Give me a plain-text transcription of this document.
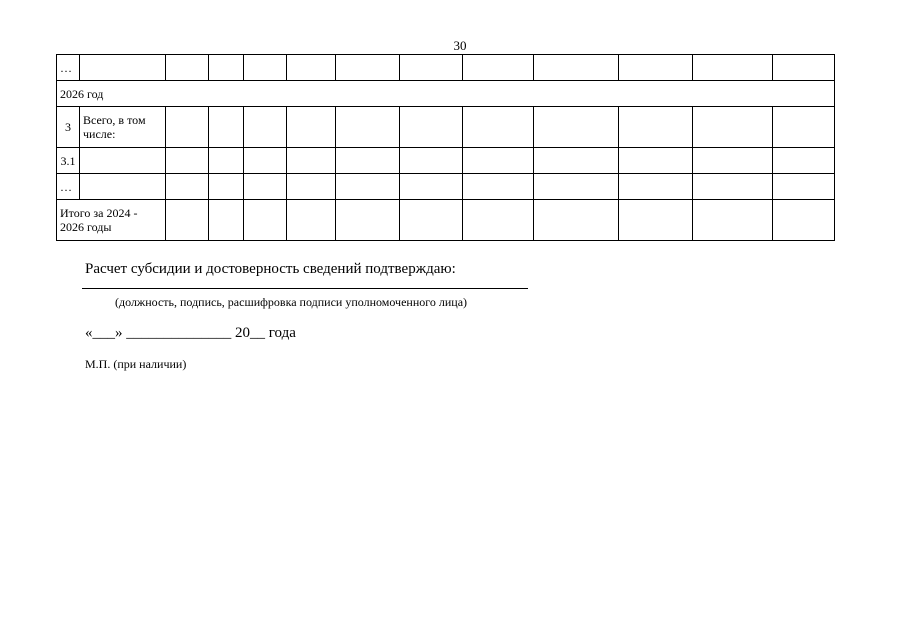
30
…												
2026 год												
3	Всего, в том числе:											
3.1												
…												
Итого за 2024 - 2026 годы												
Расчет субсидии и достоверность сведений подтверждаю:
(должность, подпись, расшифровка подписи уполномоченного лица)
«___» ______________ 20__ года
М.П. (при наличии)
